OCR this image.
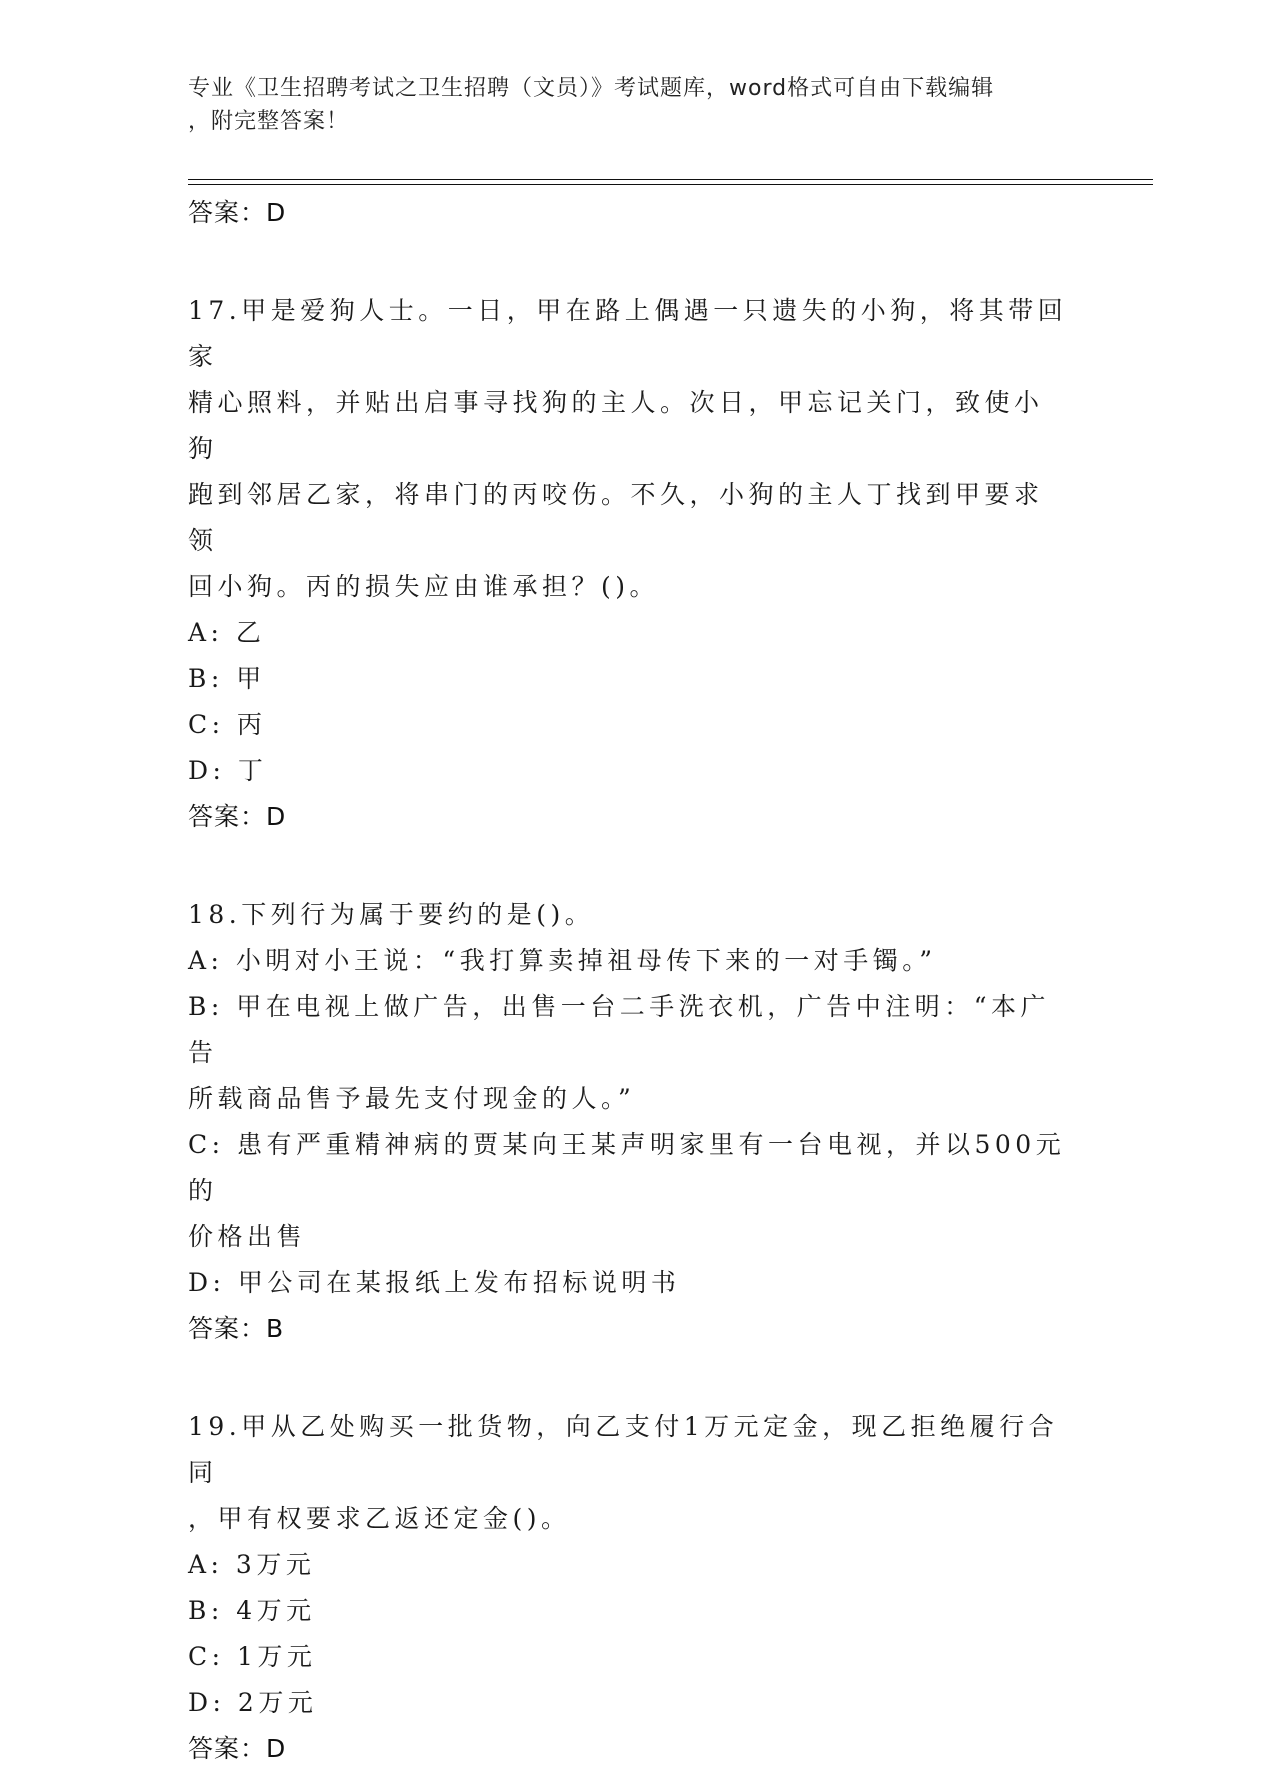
专业《卫生招聘考试之卫生招聘（文员）》考试题库，word格式可自由下载编辑
，附完整答案！
答案：D
17.甲是爱狗人士。一日，甲在路上偶遇一只遗失的小狗，将其带回家
精心照料，并贴出启事寻找狗的主人。次日，甲忘记关门，致使小狗
跑到邻居乙家，将串门的丙咬伤。不久，小狗的主人丁找到甲要求领
回小狗。丙的损失应由谁承担？()。
A: 乙
B: 甲
C: 丙
D: 丁
答案：D
18.下列行为属于要约的是()。
A: 小明对小王说：“我打算卖掉祖母传下来的一对手镯。”
B: 甲在电视上做广告，出售一台二手洗衣机，广告中注明：“本广告
所载商品售予最先支付现金的人。”
C: 患有严重精神病的贾某向王某声明家里有一台电视，并以500元的
价格出售
D: 甲公司在某报纸上发布招标说明书
答案：B
19.甲从乙处购买一批货物，向乙支付1万元定金，现乙拒绝履行合同
，甲有权要求乙返还定金()。
A: 3万元
B: 4万元
C: 1万元
D: 2万元
答案：D
